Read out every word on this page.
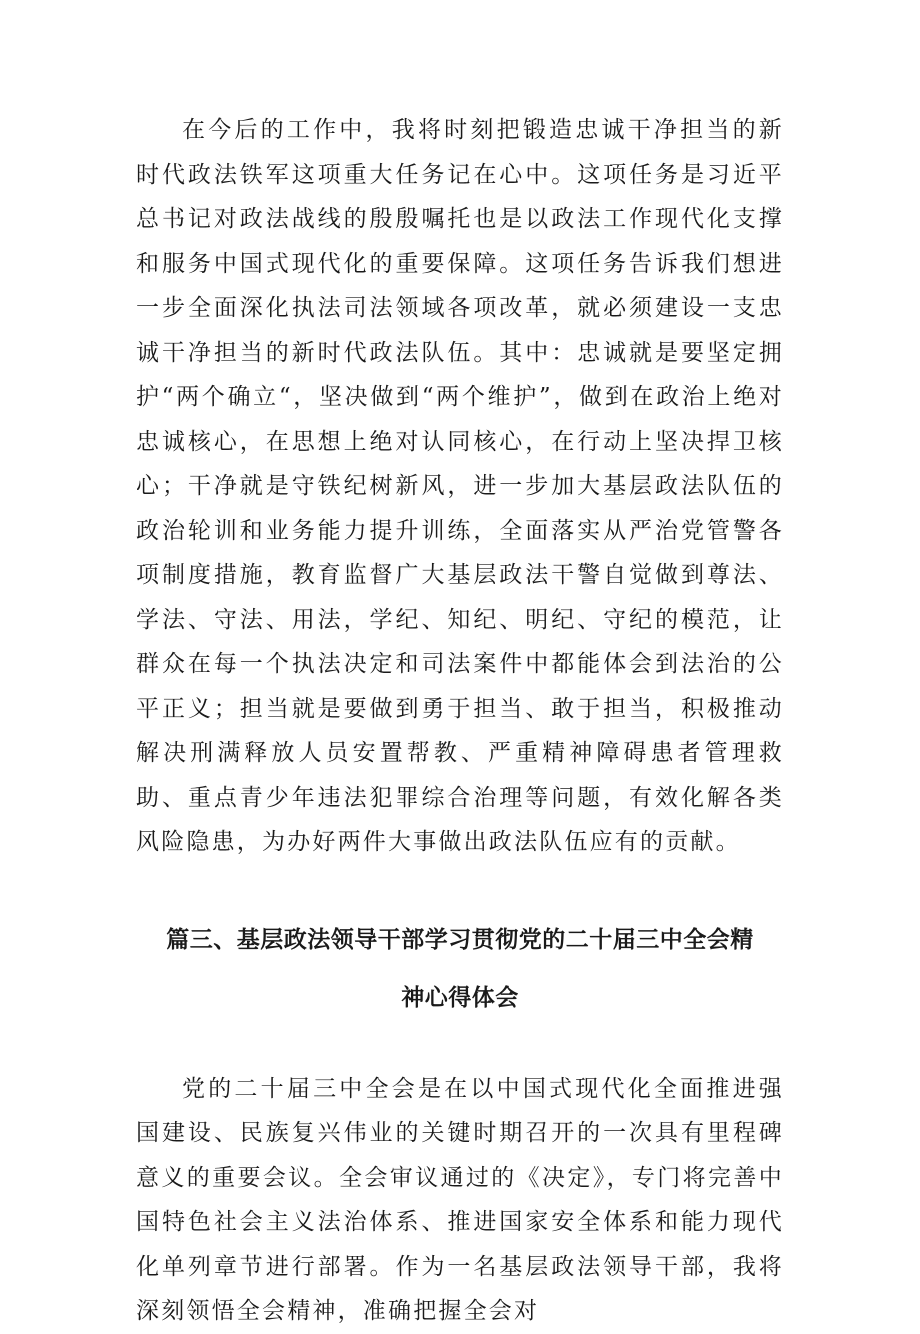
在今后的工作中，我将时刻把锻造忠诚干净担当的新时代政法铁军这项重大任务记在心中。这项任务是习近平总书记对政法战线的殷殷嘱托也是以政法工作现代化支撑和服务中国式现代化的重要保障。这项任务告诉我们想进一步全面深化执法司法领域各项改革，就必须建设一支忠诚干净担当的新时代政法队伍。其中：忠诚就是要坚定拥护“两个确立“，坚决做到“两个维护”，做到在政治上绝对忠诚核心，在思想上绝对认同核心，在行动上坚决捍卫核心；干净就是守铁纪树新风，进一步加大基层政法队伍的政治轮训和业务能力提升训练，全面落实从严治党管警各项制度措施，教育监督广大基层政法干警自觉做到尊法、学法、守法、用法，学纪、知纪、明纪、守纪的模范，让群众在每一个执法决定和司法案件中都能体会到法治的公平正义；担当就是要做到勇于担当、敢于担当，积极推动解决刑满释放人员安置帮教、严重精神障碍患者管理救助、重点青少年违法犯罪综合治理等问题，有效化解各类风险隐患，为办好两件大事做出政法队伍应有的贡献。

篇三、基层政法领导干部学习贯彻党的二十届三中全会精
神心得体会

党的二十届三中全会是在以中国式现代化全面推进强国建设、民族复兴伟业的关键时期召开的一次具有里程碑意义的重要会议。全会审议通过的《决定》，专门将完善中国特色社会主义法治体系、推进国家安全体系和能力现代化单列章节进行部署。作为一名基层政法领导干部，我将深刻领悟全会精神，准确把握全会对
